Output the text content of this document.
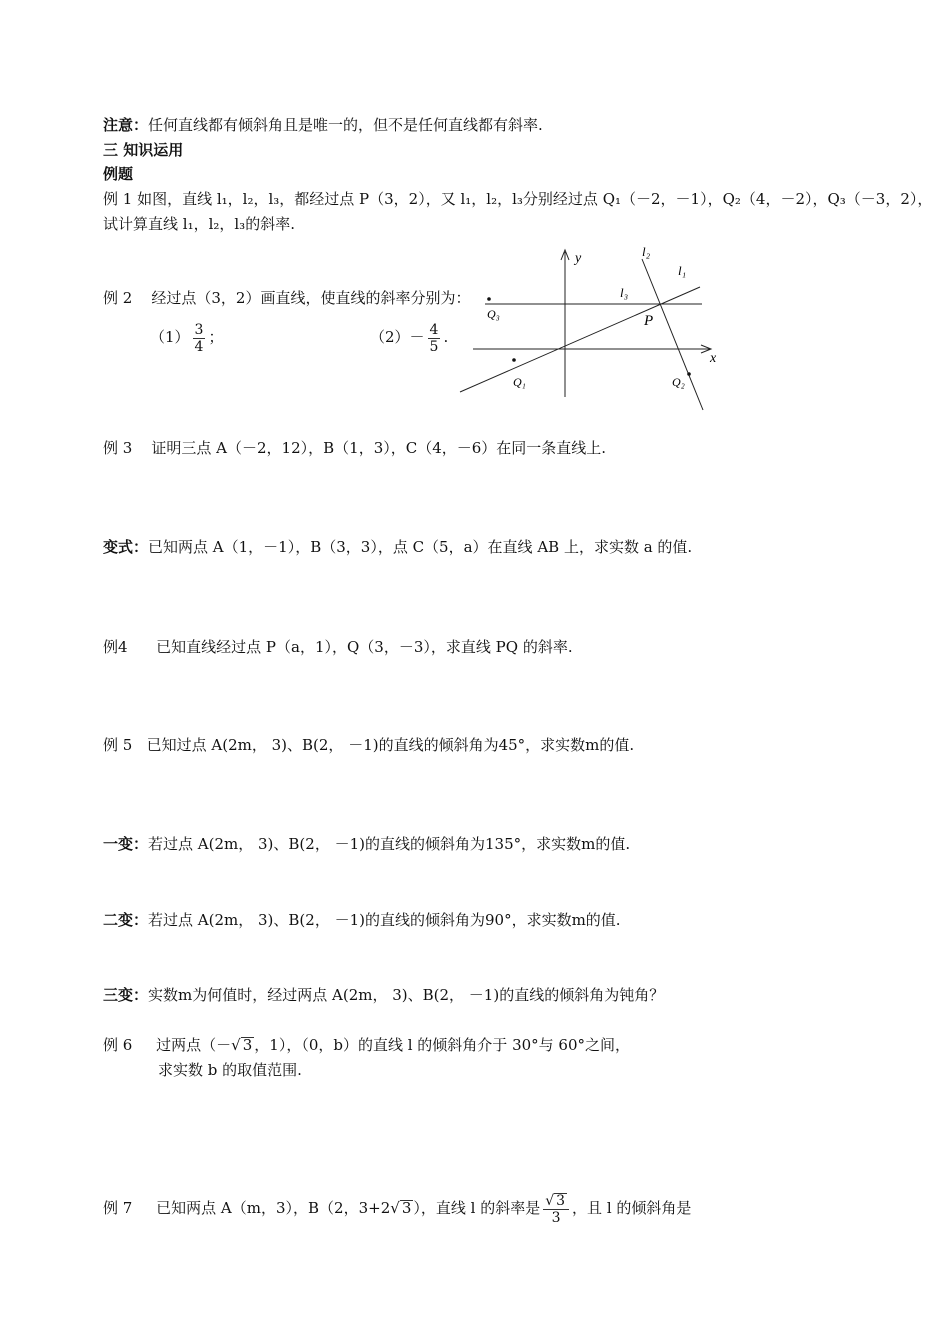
注意：任何直线都有倾斜角且是唯一的，但不是任何直线都有斜率.
三 知识运用
例题
例 1 如图，直线 l₁，l₂，l₃，都经过点 P（3，2），又 l₁，l₂，l₃分别经过点 Q₁（－2，－1），Q₂（4，－2），Q₃（－3，2），
试计算直线 l₁，l₂，l₃的斜率.
例 2 经过点（3，2）画直线，使直线的斜率分别为：
$(1) \frac{3}{4}$ ；	$(2)- \frac{4}{5}$ .
y
x
l₂
l₁
l₃
P
Q₃
Q₁	Q₂
例 3 证明三点 A（－2，12），B（1，3），C（4，－6）在同一条直线上.
变式：已知两点 A（1，－1），B（3，3），点 C（5，a）在直线 AB 上，求实数 a 的值.
例4 已知直线经过点 P（a，1），Q（3，－3），求直线 PQ 的斜率.
例 5 已知过点 A(2m， 3)、B(2， －1)的直线的倾斜角为45°，求实数m的值.
一变：若过点 A(2m， 3)、B(2， －1)的直线的倾斜角为135°，求实数m的值.
二变：若过点 A(2m， 3)、B(2， －1)的直线的倾斜角为90°，求实数m的值.
三变：实数m为何值时，经过两点 A(2m， 3)、B(2， －1)的直线的倾斜角为钝角？
例 6 过两点（－√ 3 ，1），（0，b）的直线 l 的倾斜角介于 30°与 60°之间，
求实数 b 的取值范围.
例 7 已知两点 A（m，3），B（2，3+2√ 3 ），直线 l 的斜率是 $\frac{√ 3}{3}$ ，且 l 的倾斜角是
